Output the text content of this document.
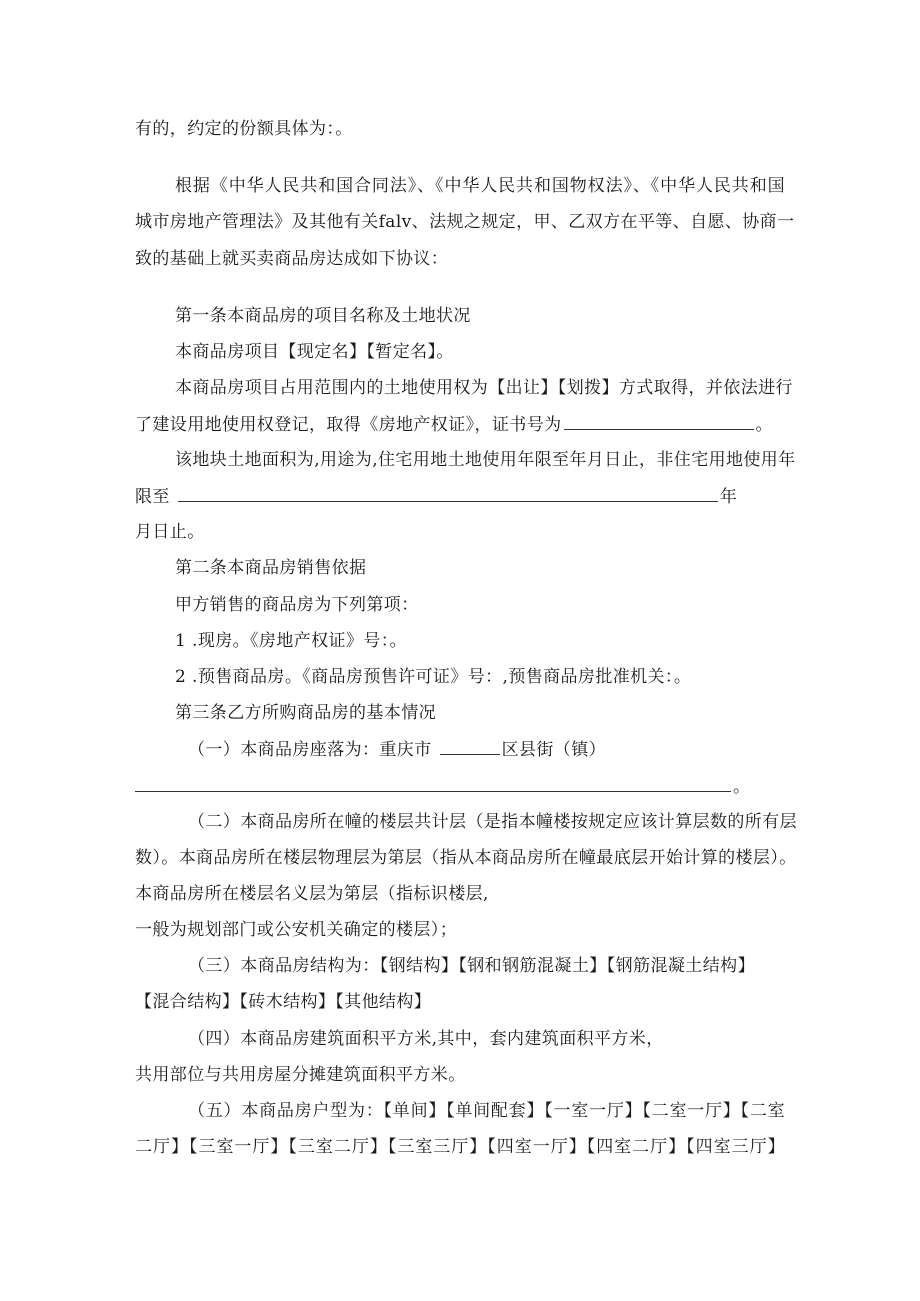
有的，约定的份额具体为：。
根据《中华人民共和国合同法》、《中华人民共和国物权法》、《中华人民共和国
城市房地产管理法》及其他有关falv、法规之规定，甲、乙双方在平等、自愿、协商一
致的基础上就买卖商品房达成如下协议：
第一条本商品房的项目名称及土地状况
本商品房项目【现定名】【暂定名】。
本商品房项目占用范围内的土地使用权为【出让】【划拨】方式取得，并依法进行
了建设用地使用权登记，取得《房地产权证》，证书号为	。
该地块土地面积为,用途为,住宅用地土地使用年限至年月日止，非住宅用地使用年
限至	年
月日止。
第二条本商品房销售依据
甲方销售的商品房为下列第项：
1 .现房。《房地产权证》号：。
2 .预售商品房。《商品房预售许可证》号：,预售商品房批准机关：。
第三条乙方所购商品房的基本情况
（一）本商品房座落为：重庆市	区县街（镇）
。
（二）本商品房所在幢的楼层共计层（是指本幢楼按规定应该计算层数的所有层
数）。本商品房所在楼层物理层为第层（指从本商品房所在幢最底层开始计算的楼层）。
本商品房所在楼层名义层为第层（指标识楼层,
一般为规划部门或公安机关确定的楼层）；
（三）本商品房结构为：【钢结构】【钢和钢筋混凝土】【钢筋混凝土结构】
【混合结构】【砖木结构】【其他结构】
（四）本商品房建筑面积平方米,其中，套内建筑面积平方米，
共用部位与共用房屋分摊建筑面积平方米。
（五）本商品房户型为：【单间】【单间配套】【一室一厅】【二室一厅】【二室
二厅】【三室一厅】【三室二厅】【三室三厅】【四室一厅】【四室二厅】【四室三厅】
